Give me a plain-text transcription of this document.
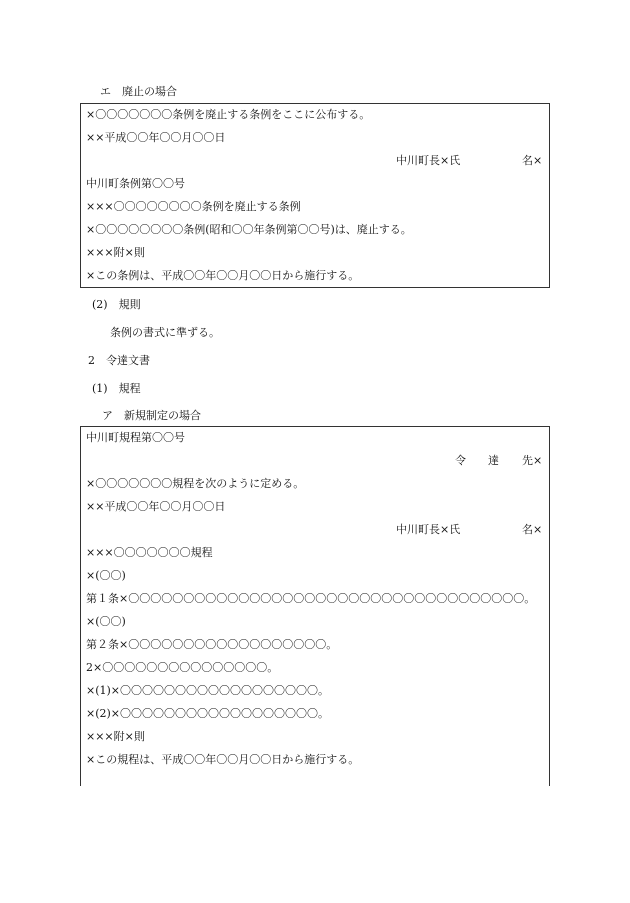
エ　廃止の場合
×〇〇〇〇〇〇〇条例を廃止する条例をここに公布する。
××平成〇〇年〇〇月〇〇日
中川町長×氏	名×
中川町条例第〇〇号
×××〇〇〇〇〇〇〇〇条例を廃止する条例
×〇〇〇〇〇〇〇〇条例(昭和〇〇年条例第〇〇号)は、廃止する。
×××附×則
×この条例は、平成〇〇年〇〇月〇〇日から施行する。
(2)　規則
条例の書式に準ずる。
2　令達文書
(1)　規程
ア　新規制定の場合
中川町規程第〇〇号
令 達 先×
×〇〇〇〇〇〇〇規程を次のように定める。
××平成〇〇年〇〇月〇〇日
中川町長×氏	名×
×××〇〇〇〇〇〇〇規程
×(〇〇)
第１条×〇〇〇〇〇〇〇〇〇〇〇〇〇〇〇〇〇〇〇〇〇〇〇〇〇〇〇〇〇〇〇〇〇〇〇〇。
×(〇〇)
第２条×〇〇〇〇〇〇〇〇〇〇〇〇〇〇〇〇〇〇。
2×〇〇〇〇〇〇〇〇〇〇〇〇〇〇〇。
×(1)×〇〇〇〇〇〇〇〇〇〇〇〇〇〇〇〇〇〇。
×(2)×〇〇〇〇〇〇〇〇〇〇〇〇〇〇〇〇〇〇。
×××附×則
×この規程は、平成〇〇年〇〇月〇〇日から施行する。
